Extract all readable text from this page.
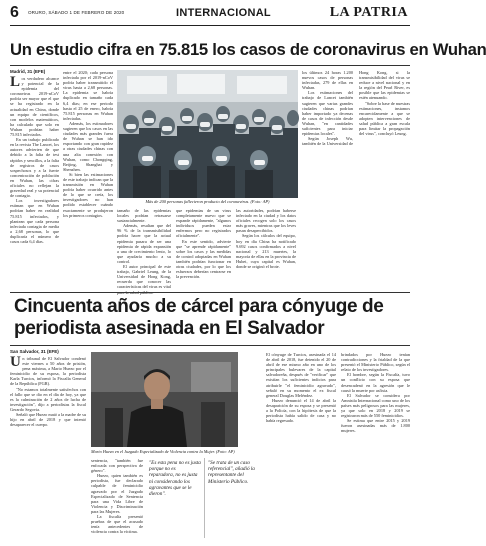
6 ORURO, SÁBADO 1 DE FEBRERO DE 2020	INTERNACIONAL	LA PATRIA
Un estudio cifra en 75.815 los casos de coronavirus en Wuhan
Madrid, 31 (EFE)
L os verdadero alcance y potencial de la epidemia del coronavirus 2019-nCoV podría ser mayor que el que se ha registrado en la actualidad en China, donde un equipo de científicos, con modelos matemáticos, ha calculado que solo en Wuhan podrían haber 75.815 infectados.

En un trabajo publicado en la revista The Lancet, los autores advierten de que debido a la falta de test rápidos y sencillos, a la falta de registros de casos sospechosos y a la fuerte concentración de población en Wuhan, las cifras oficiales no reflejan la gravedad real y su potencial de contagio.

Los investigadores estiman que en Wuhan podrían haber en realidad 75.815 infectados, y plantean que cada persona infectada contagia de media a 2,68 personas, lo que duplicaría el número de casos cada 6,4 días.

entre el 2020; cada persona infectada por el 2019-nCoV podría haber transmitido el virus hasta a 2,68 personas. La epidemia se habría duplicado en tamaño cada 6,4 días; en ese periodo hasta el 25 de enero, habría 75.815 personas en Wuhan infectadas.

Además, los estimadores sugieren que los casos en las ciudades más grandes fuera de Wuhan se han ido exportando con gran rapidez a otras ciudades chinas con una alta conexión con Wuhan, como Chongqing, Beijing, Shanghai y Shenzhen.

Si bien las estimaciones de este trabajo indican que la transmisión en Wuhan podría haber ocurrido antes de lo que se creía, los investigadores no han podido establecer cuándo exactamente se produjeron los primeros contagios.

Más de 200 personas fallecieron producto del coronavirus. (Foto: AP)

tamaño de las epidemias locales podrían retrasarse sustancialmente.

Además, resaltan que del 96 % de la transmisibilidad podría hacer que la actual epidemia pasara de ser una epidemia de rápida expansión a una de crecimiento lento, lo que ayudaría mucho a su control.

El autor principal de este trabajo, Gabriel Leung, de la Universidad de Hong Kong, recuerda que conocer las características del virus es vital

que epidemias de un virus completamente nuevo que se expande rápidamente, "algunos individuos pueden estar enfermos pero no registrados oficialmente".

En este sentido, advierte que "se aprende rápidamente" sobre los casos y las medidas de control adoptadas en Wuhan también podrían funcionar en otras ciudades, por lo que los esfuerzos deberían centrarse en la prevención.

las autoridades, podrían haberse infectado en la ciudad y los datos oficiales recogen solo los casos más graves, mientras que los leves pasan desapercibidos.

Según los cálculos del equipo, hoy en día China ha notificado 9.692 casos confirmados a nivel nacional y 213 muertes, la mayoría de ellas en la provincia de Hubei, cuya capital es Wuhan, donde se originó el brote.

los últimos 24 horas 1.200 nuevos casos de personas infectadas, 279 de ellas en Wuhan.

Los estimaciones del trabajo de Lancet también sugieren que varias grandes ciudades chinas podrían haber importado ya decenas de casos de infección desde Wuhan, "en cantidades suficientes para iniciar epidemias locales".

Según Joseph Wu, también de la Universidad de Hong Kong, si la transmisibilidad del virus se reduce a nivel nacional y en la región del Pearl River, es posible que las epidemias se estén atenuando.

"Sobre la base de nuestras estimaciones, instamos encarecidamente a que se adopten intervenciones de salud pública a gran escala para limitar la propagación del virus", concluyó Leung.

Cincuenta años de cárcel para cónyuge de periodista asesinada en El Salvador
San Salvador, 31 (EFE)
U n tribunal de El Salvador condenó este viernes a 50 años de prisión, pena máxima, a Mario Huezo por el feminicidio de su esposa, la periodista Karla Turcios, informó la Fiscalía General de la República (FGR).

"No estamos totalmente satisfechos con el fallo que se dio en el día de hoy, ya que es la culminación de 2 años de lucha de investigación", dijo a periodistas la fiscal Gerardo Segovia.

Señaló que Huezo mató a la madre de su hijo en abril de 2018 y que intentó desaparecer el cuerpo.

Mario Huezo en el Juzgado Especializado de Violencia contra la Mujer. (Foto: AP)

sentencia, "también fue enfocada con perspectiva de género".

Huezo, quien también es periodista, fue declarado culpable de feminicidio agravado por el Juzgado Especializado de Sentencia para una Vida Libre de Violencia y Discriminación para las Mujeres.

La fiscalía presentó pruebas de que el acusado tenía antecedentes de violencia contra la víctima.

"Es esta pena no es justa porque no es reparadora, no es justa ni considerando los agravantes que se le dieron".
"Se trata de un caso referencial", añadió la representante del Ministerio Público.

El cónyuge de Turcios, asesinada el 14 de abril de 2018, fue detenido el 20 de abril de ese mismo año en uno de los principales bulevares de la capital salvadoreña, después de "verificar" que existían los suficientes indicios para atribuirle "el feminicidio agravado", señaló en su momento el ex fiscal general Douglas Meléndez.

Huezo denunció el 14 de abril la desaparición de su esposa y se presentó a la Policía, con la hipótesis de que la periodista había salido de casa y no había regresado.

brindados por Huezo tenían contradicciones y la frialdad de la que presentó el Ministerio Público, según el relato de los investigadores.

El hombre, según la Fiscalía, tuvo un conflicto con su esposa que desencadenó en la agresión que le causó la muerte por asfixia.

El Salvador se considera por Amnistía Internacional como uno de los países más peligrosos para las mujeres, ya que solo en 2018 y 2019 se registraron más de 550 feminicidios.

Se estima que entre 2015 y 2019 fueron asesinadas más de 1.800 mujeres.
